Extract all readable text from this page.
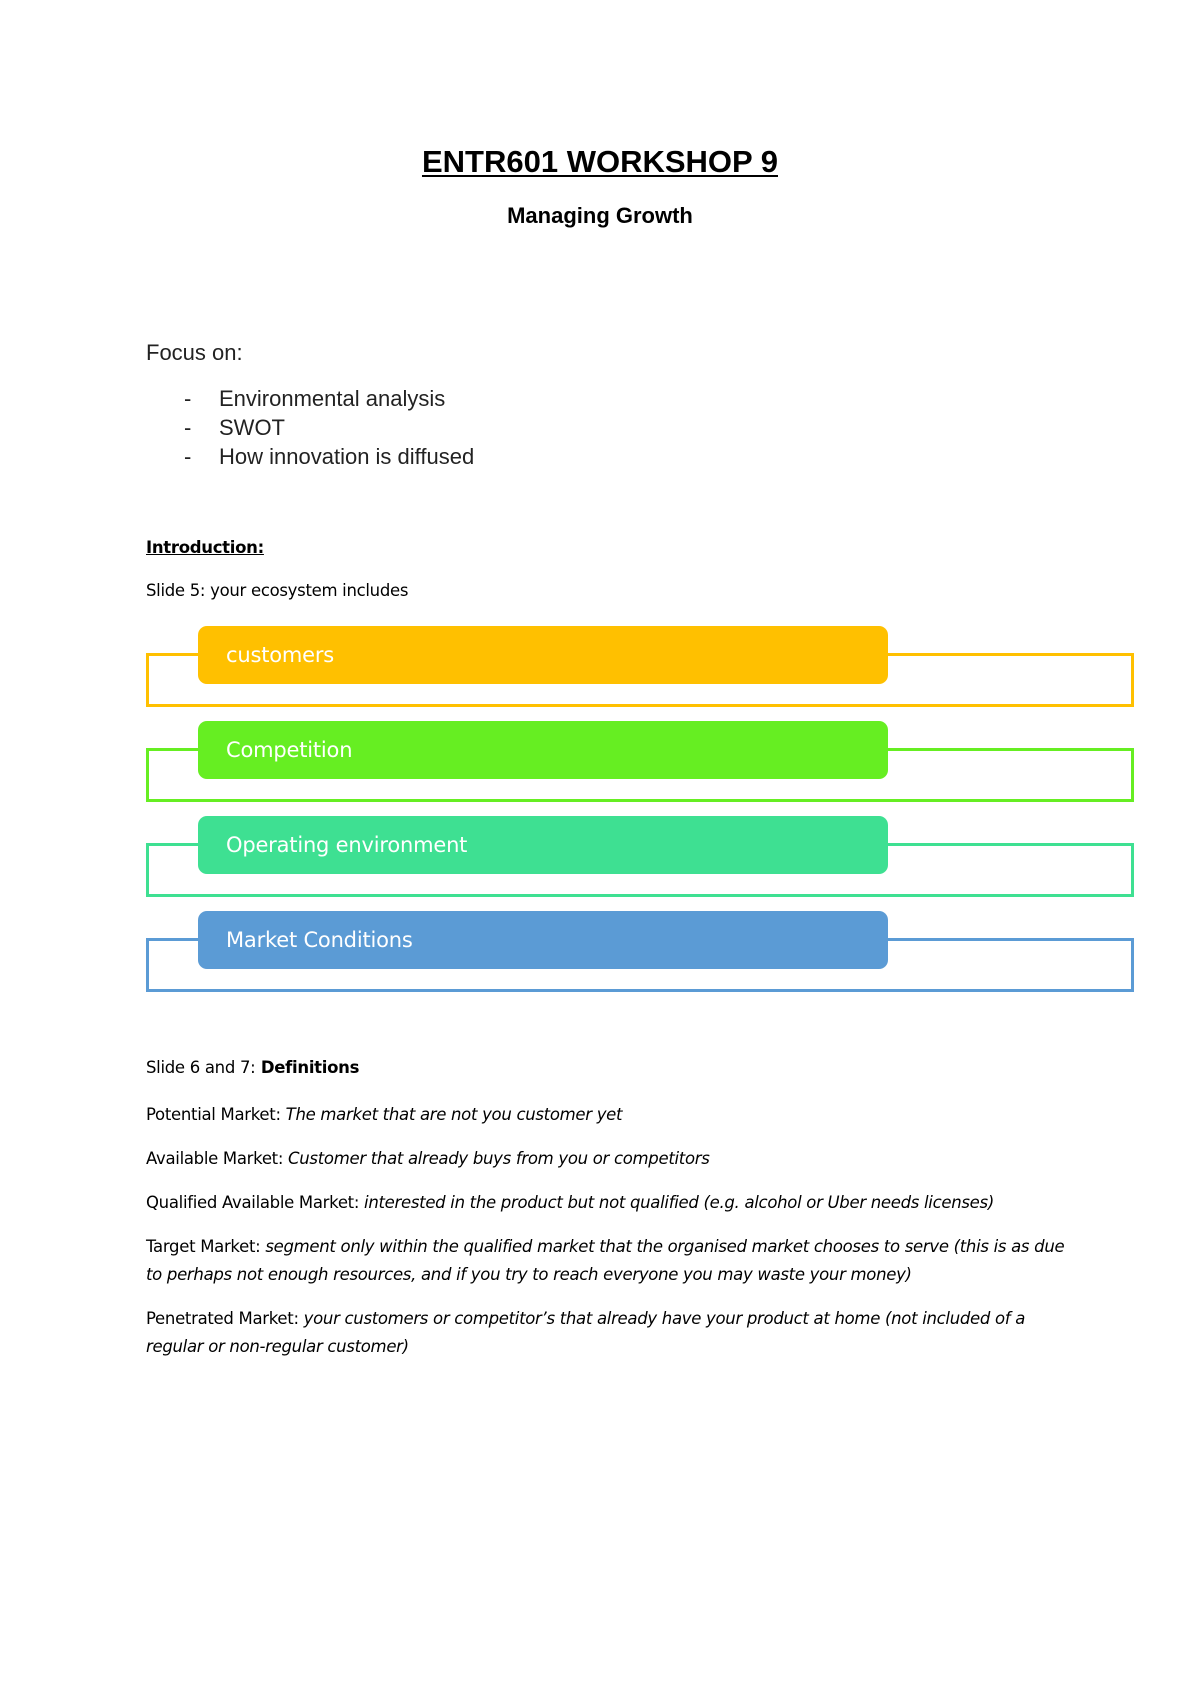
ENTR601 WORKSHOP 9
Managing Growth
Focus on:
-	Environmental analysis
-	SWOT
-	How innovation is diffused
Introduction:
Slide 5: your ecosystem includes
customers
Competition
Operating environment
Market Conditions
Slide 6 and 7: Definitions

Potential Market: The market that are not you customer yet

Available Market: Customer that already buys from you or competitors

Qualified Available Market: interested in the product but not qualified (e.g. alcohol or Uber needs licenses)

Target Market: segment only within the qualified market that the organised market chooses to serve (this is as due to perhaps not enough resources, and if you try to reach everyone you may waste your money)

Penetrated Market: your customers or competitor’s that already have your product at home (not included of a regular or non-regular customer)
